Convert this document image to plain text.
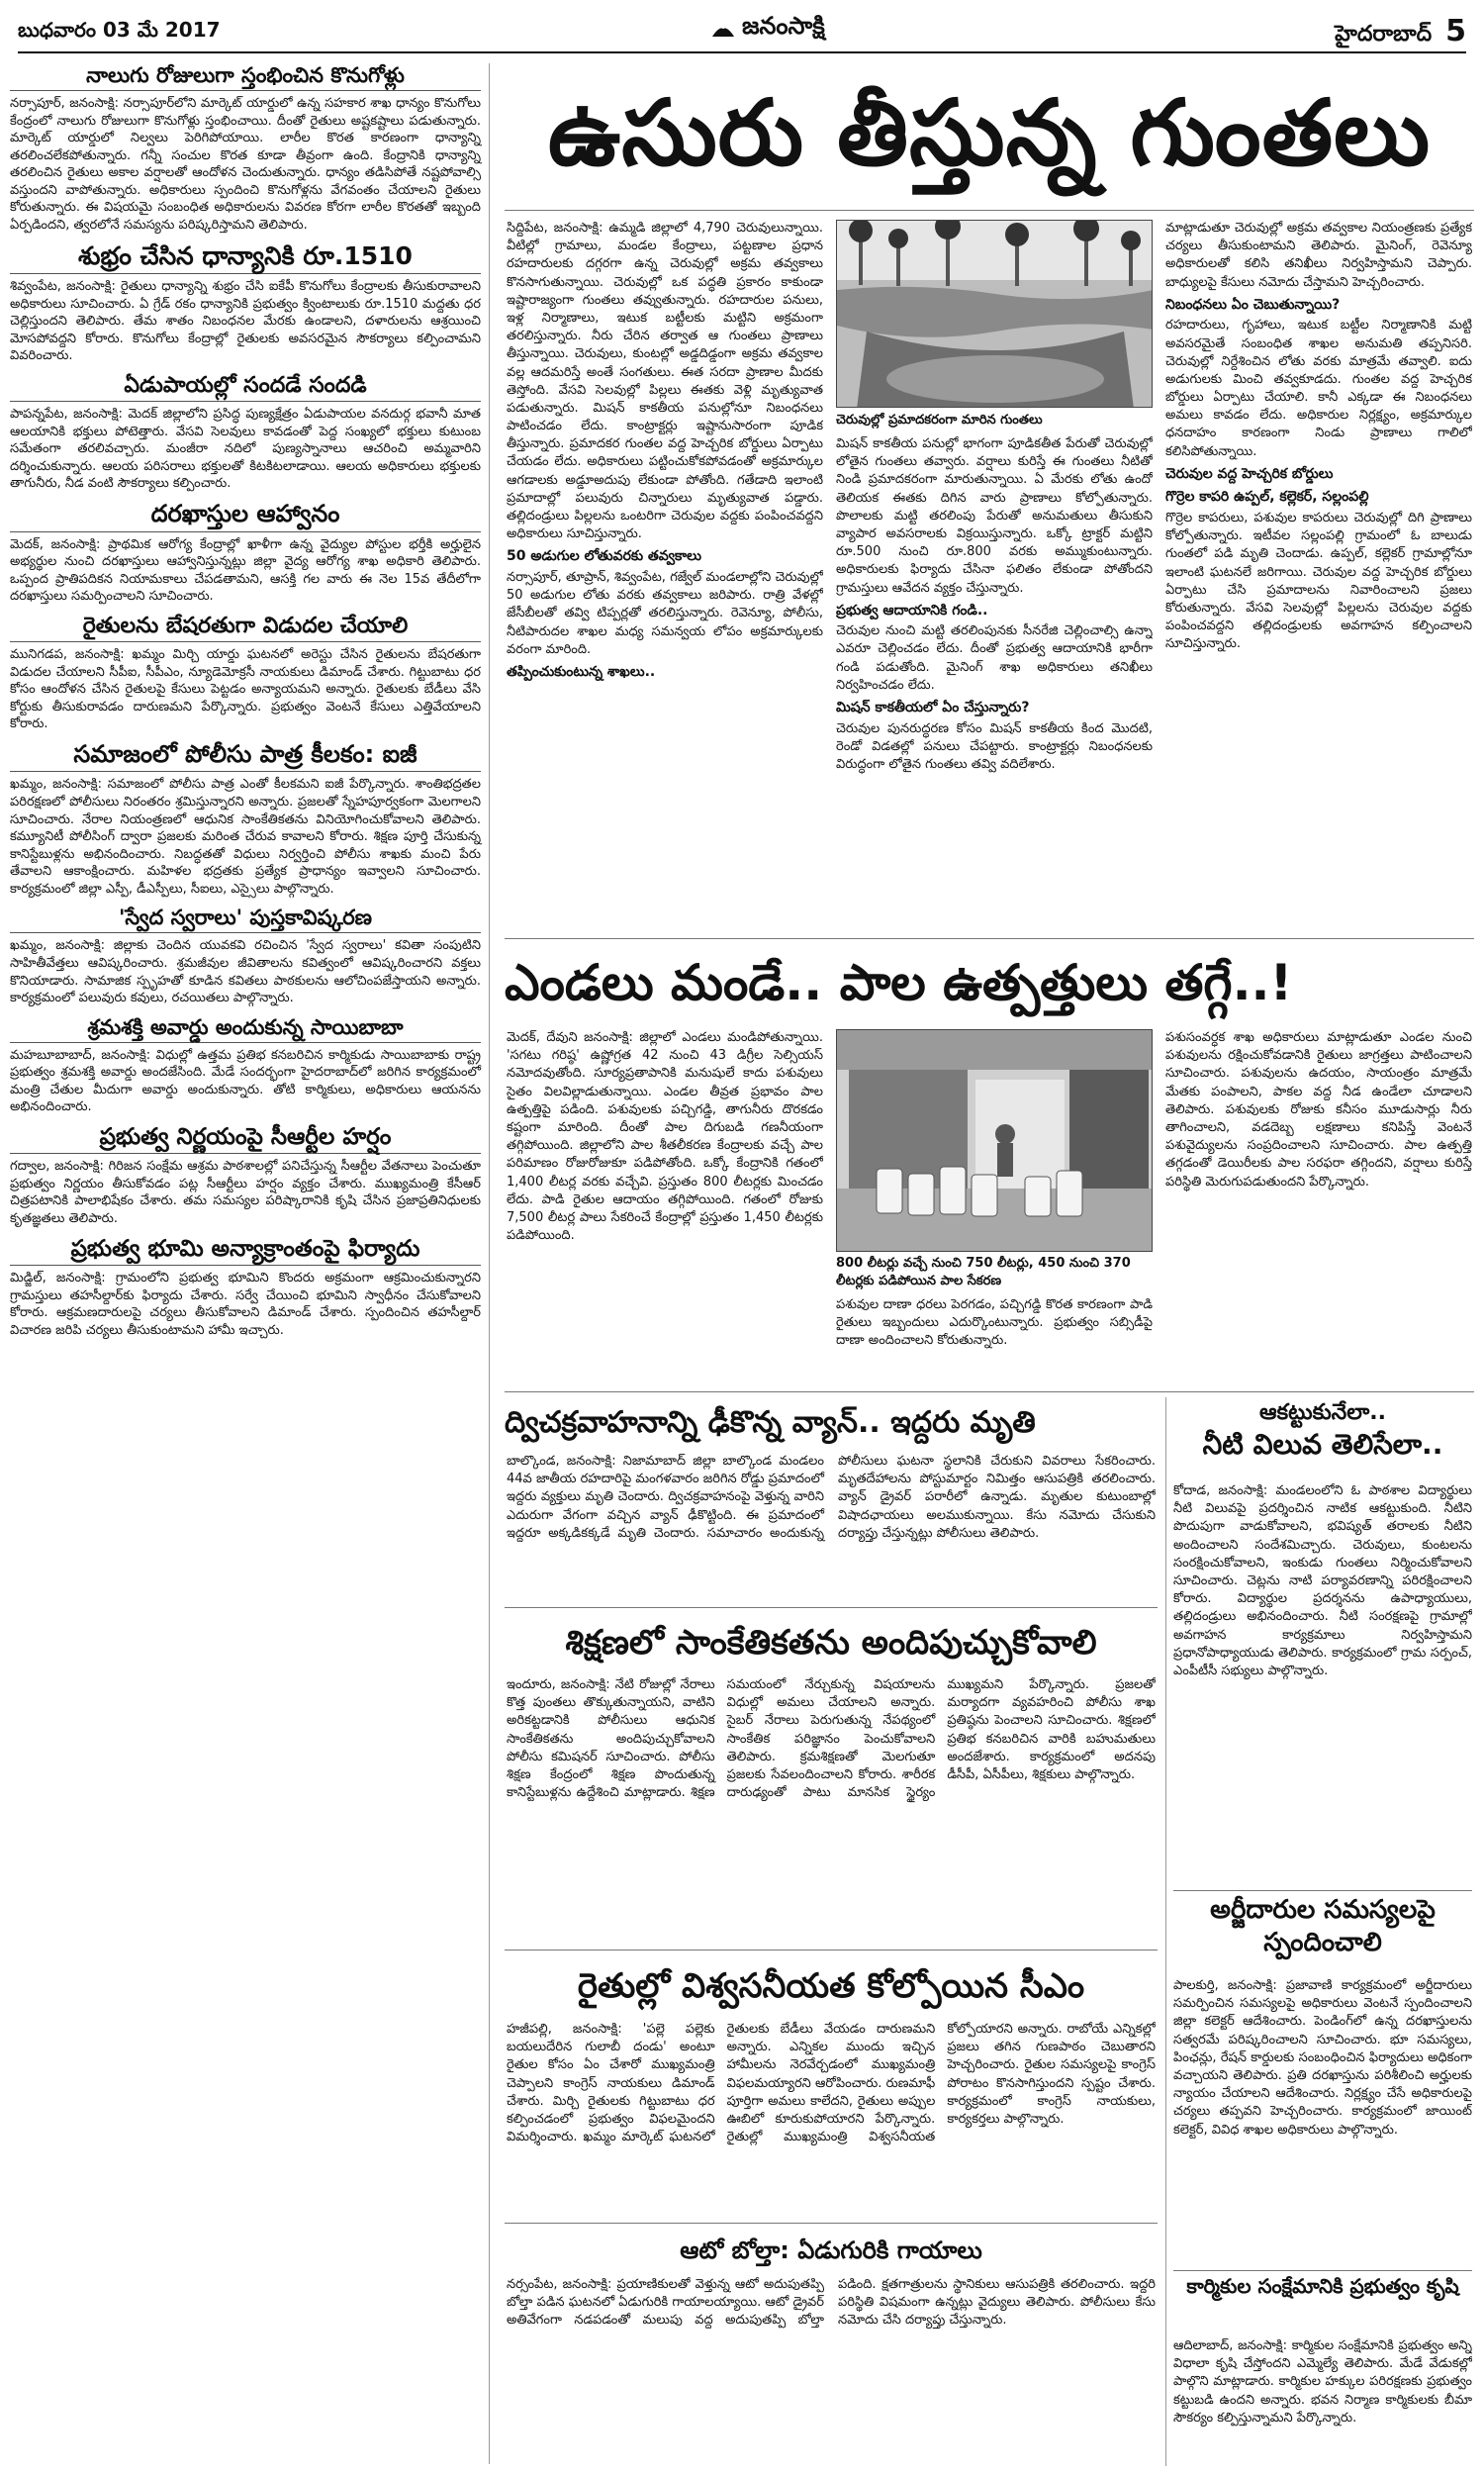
బుధవారం 03 మే 2017	జనంసాక్షి	హైదరాబాద్ 5
నాలుగు రోజులుగా స్తంభించిన కొనుగోళ్లు
నర్సాపూర్, జనంసాక్షి: నర్సాపూర్‌లోని మార్కెట్ యార్డులో ఉన్న సహకార శాఖ ధాన్యం కొనుగోలు కేంద్రంలో నాలుగు రోజులుగా కొనుగోళ్లు స్తంభించాయి. దీంతో రైతులు అష్టకష్టాలు పడుతున్నారు. మార్కెట్ యార్డులో నిల్వలు పెరిగిపోయాయి. లారీల కొరత కారణంగా ధాన్యాన్ని తరలించలేకపోతున్నారు. గన్నీ సంచుల కొరత కూడా తీవ్రంగా ఉంది. కేంద్రానికి ధాన్యాన్ని తరలించిన రైతులు అకాల వర్షాలతో ఆందోళన చెందుతున్నారు. ధాన్యం తడిసిపోతే నష్టపోవాల్సి వస్తుందని వాపోతున్నారు. అధికారులు స్పందించి కొనుగోళ్లను వేగవంతం చేయాలని రైతులు కోరుతున్నారు. ఈ విషయమై సంబంధిత అధికారులను వివరణ కోరగా లారీల కొరతతో ఇబ్బంది ఏర్పడిందని, త్వరలోనే సమస్యను పరిష్కరిస్తామని తెలిపారు.
శుభ్రం చేసిన ధాన్యానికి రూ.1510
శివ్వంపేట, జనంసాక్షి: రైతులు ధాన్యాన్ని శుభ్రం చేసి ఐకేపీ కొనుగోలు కేంద్రాలకు తీసుకురావాలని అధికారులు సూచించారు. ఏ గ్రేడ్ రకం ధాన్యానికి ప్రభుత్వం క్వింటాలుకు రూ.1510 మద్దతు ధర చెల్లిస్తుందని తెలిపారు. తేమ శాతం నిబంధనల మేరకు ఉండాలని, దళారులను ఆశ్రయించి మోసపోవద్దని కోరారు. కొనుగోలు కేంద్రాల్లో రైతులకు అవసరమైన సౌకర్యాలు కల్పించామని వివరించారు.
ఏడుపాయల్లో సందడే సందడి
పాపన్నపేట, జనంసాక్షి: మెదక్ జిల్లాలోని ప్రసిద్ధ పుణ్యక్షేత్రం ఏడుపాయల వనదుర్గ భవానీ మాత ఆలయానికి భక్తులు పోటెత్తారు. వేసవి సెలవులు కావడంతో పెద్ద సంఖ్యలో భక్తులు కుటుంబ సమేతంగా తరలివచ్చారు. మంజీరా నదిలో పుణ్యస్నానాలు ఆచరించి అమ్మవారిని దర్శించుకున్నారు. ఆలయ పరిసరాలు భక్తులతో కిటకిటలాడాయి. ఆలయ అధికారులు భక్తులకు తాగునీరు, నీడ వంటి సౌకర్యాలు కల్పించారు.
దరఖాస్తుల ఆహ్వానం
మెదక్, జనంసాక్షి: ప్రాథమిక ఆరోగ్య కేంద్రాల్లో ఖాళీగా ఉన్న వైద్యుల పోస్టుల భర్తీకి అర్హులైన అభ్యర్థుల నుంచి దరఖాస్తులు ఆహ్వానిస్తున్నట్లు జిల్లా వైద్య ఆరోగ్య శాఖ అధికారి తెలిపారు. ఒప్పంద ప్రాతిపదికన నియామకాలు చేపడతామని, ఆసక్తి గల వారు ఈ నెల 15వ తేదీలోగా దరఖాస్తులు సమర్పించాలని సూచించారు.
రైతులను బేషరతుగా విడుదల చేయాలి
మునిగడప, జనంసాక్షి: ఖమ్మం మిర్చి యార్డు ఘటనలో అరెస్టు చేసిన రైతులను బేషరతుగా విడుదల చేయాలని సీపీఐ, సీపీఎం, న్యూడెమోక్రసీ నాయకులు డిమాండ్ చేశారు. గిట్టుబాటు ధర కోసం ఆందోళన చేసిన రైతులపై కేసులు పెట్టడం అన్యాయమని అన్నారు. రైతులకు బేడీలు వేసి కోర్టుకు తీసుకురావడం దారుణమని పేర్కొన్నారు. ప్రభుత్వం వెంటనే కేసులు ఎత్తివేయాలని కోరారు.
సమాజంలో పోలీసు పాత్ర కీలకం: ఐజీ
ఖమ్మం, జనంసాక్షి: సమాజంలో పోలీసు పాత్ర ఎంతో కీలకమని ఐజీ పేర్కొన్నారు. శాంతిభద్రతల పరిరక్షణలో పోలీసులు నిరంతరం శ్రమిస్తున్నారని అన్నారు. ప్రజలతో స్నేహపూర్వకంగా మెలగాలని సూచించారు. నేరాల నియంత్రణలో ఆధునిక సాంకేతికతను వినియోగించుకోవాలని తెలిపారు. కమ్యూనిటీ పోలీసింగ్ ద్వారా ప్రజలకు మరింత చేరువ కావాలని కోరారు. శిక్షణ పూర్తి చేసుకున్న కానిస్టేబుళ్లను అభినందించారు. నిబద్ధతతో విధులు నిర్వర్తించి పోలీసు శాఖకు మంచి పేరు తేవాలని ఆకాంక్షించారు. మహిళల భద్రతకు ప్రత్యేక ప్రాధాన్యం ఇవ్వాలని సూచించారు. కార్యక్రమంలో జిల్లా ఎస్పీ, డీఎస్పీలు, సీఐలు, ఎస్సైలు పాల్గొన్నారు.
'స్వేద స్వరాలు' పుస్తకావిష్కరణ
ఖమ్మం, జనంసాక్షి: జిల్లాకు చెందిన యువకవి రచించిన 'స్వేద స్వరాలు' కవితా సంపుటిని సాహితీవేత్తలు ఆవిష్కరించారు. శ్రమజీవుల జీవితాలను కవిత్వంలో ఆవిష్కరించారని వక్తలు కొనియాడారు. సామాజిక స్పృహతో కూడిన కవితలు పాఠకులను ఆలోచింపజేస్తాయని అన్నారు. కార్యక్రమంలో పలువురు కవులు, రచయితలు పాల్గొన్నారు.
శ్రమశక్తి అవార్డు అందుకున్న సాయిబాబా
మహబూబాబాద్, జనంసాక్షి: విధుల్లో ఉత్తమ ప్రతిభ కనబరిచిన కార్మికుడు సాయిబాబాకు రాష్ట్ర ప్రభుత్వం శ్రమశక్తి అవార్డు అందజేసింది. మేడే సందర్భంగా హైదరాబాద్‌లో జరిగిన కార్యక్రమంలో మంత్రి చేతుల మీదుగా అవార్డు అందుకున్నారు. తోటి కార్మికులు, అధికారులు ఆయనను అభినందించారు.
ప్రభుత్వ నిర్ణయంపై సీఆర్టీల హర్షం
గద్వాల, జనంసాక్షి: గిరిజన సంక్షేమ ఆశ్రమ పాఠశాలల్లో పనిచేస్తున్న సీఆర్టీల వేతనాలు పెంచుతూ ప్రభుత్వం నిర్ణయం తీసుకోవడం పట్ల సీఆర్టీలు హర్షం వ్యక్తం చేశారు. ముఖ్యమంత్రి కేసీఆర్ చిత్రపటానికి పాలాభిషేకం చేశారు. తమ సమస్యల పరిష్కారానికి కృషి చేసిన ప్రజాప్రతినిధులకు కృతజ్ఞతలు తెలిపారు.
ప్రభుత్వ భూమి అన్యాక్రాంతంపై ఫిర్యాదు
మిడ్జిల్, జనంసాక్షి: గ్రామంలోని ప్రభుత్వ భూమిని కొందరు అక్రమంగా ఆక్రమించుకున్నారని గ్రామస్తులు తహసీల్దార్‌కు ఫిర్యాదు చేశారు. సర్వే చేయించి భూమిని స్వాధీనం చేసుకోవాలని కోరారు. ఆక్రమణదారులపై చర్యలు తీసుకోవాలని డిమాండ్ చేశారు. స్పందించిన తహసీల్దార్ విచారణ జరిపి చర్యలు తీసుకుంటామని హామీ ఇచ్చారు.
ఉసురు తీస్తున్న గుంతలు
సిద్దిపేట, జనంసాక్షి: ఉమ్మడి జిల్లాలో 4,790 చెరువులున్నాయి. వీటిల్లో గ్రామాలు, మండల కేంద్రాలు, పట్టణాల ప్రధాన రహదారులకు దగ్గరగా ఉన్న చెరువుల్లో అక్రమ తవ్వకాలు కొనసాగుతున్నాయి. చెరువుల్లో ఒక పద్ధతి ప్రకారం కాకుండా ఇష్టారాజ్యంగా గుంతలు తవ్వుతున్నారు. రహదారుల పనులు, ఇళ్ల నిర్మాణాలు, ఇటుక బట్టీలకు మట్టిని అక్రమంగా తరలిస్తున్నారు. నీరు చేరిన తర్వాత ఆ గుంతలు ప్రాణాలు తీస్తున్నాయి. చెరువులు, కుంటల్లో అడ్డదిడ్డంగా అక్రమ తవ్వకాల వల్ల ఆదమరిస్తే అంతే సంగతులు. ఈత సరదా ప్రాణాల మీదకు తెస్తోంది. వేసవి సెలవుల్లో పిల్లలు ఈతకు వెళ్లి మృత్యువాత పడుతున్నారు. మిషన్ కాకతీయ పనుల్లోనూ నిబంధనలు పాటించడం లేదు. కాంట్రాక్టర్లు ఇష్టానుసారంగా పూడిక తీస్తున్నారు. ప్రమాదకర గుంతల వద్ద హెచ్చరిక బోర్డులు ఏర్పాటు చేయడం లేదు. అధికారులు పట్టించుకోకపోవడంతో అక్రమార్కుల ఆగడాలకు అడ్డూఅదుపు లేకుండా పోతోంది. గతేడాది ఇలాంటి ప్రమాదాల్లో పలువురు చిన్నారులు మృత్యువాత పడ్డారు. తల్లిదండ్రులు పిల్లలను ఒంటరిగా చెరువుల వద్దకు పంపించవద్దని అధికారులు సూచిస్తున్నారు.
50 అడుగుల లోతువరకు తవ్వకాలు
నర్సాపూర్, తూప్రాన్, శివ్వంపేట, గజ్వేల్ మండలాల్లోని చెరువుల్లో 50 అడుగుల లోతు వరకు తవ్వకాలు జరిపారు. రాత్రి వేళల్లో జేసీబీలతో తవ్వి టిప్పర్లతో తరలిస్తున్నారు. రెవెన్యూ, పోలీసు, నీటిపారుదల శాఖల మధ్య సమన్వయ లోపం అక్రమార్కులకు వరంగా మారింది.
తప్పించుకుంటున్న శాఖలు..
చెరువుల్లో ప్రమాదకరంగా మారిన గుంతలు
మిషన్ కాకతీయ పనుల్లో భాగంగా పూడికతీత పేరుతో చెరువుల్లో లోతైన గుంతలు తవ్వారు. వర్షాలు కురిస్తే ఈ గుంతలు నీటితో నిండి ప్రమాదకరంగా మారుతున్నాయి. ఏ మేరకు లోతు ఉందో తెలియక ఈతకు దిగిన వారు ప్రాణాలు కోల్పోతున్నారు. పొలాలకు మట్టి తరలింపు పేరుతో అనుమతులు తీసుకుని వ్యాపార అవసరాలకు విక్రయిస్తున్నారు. ఒక్కో ట్రాక్టర్ మట్టిని రూ.500 నుంచి రూ.800 వరకు అమ్ముకుంటున్నారు. అధికారులకు ఫిర్యాదు చేసినా ఫలితం లేకుండా పోతోందని గ్రామస్తులు ఆవేదన వ్యక్తం చేస్తున్నారు.
ప్రభుత్వ ఆదాయానికి గండి..
చెరువుల నుంచి మట్టి తరలింపునకు సీనరేజి చెల్లించాల్సి ఉన్నా ఎవరూ చెల్లించడం లేదు. దీంతో ప్రభుత్వ ఆదాయానికి భారీగా గండి పడుతోంది. మైనింగ్ శాఖ అధికారులు తనిఖీలు నిర్వహించడం లేదు.
మిషన్ కాకతీయలో ఏం చేస్తున్నారు?
చెరువుల పునరుద్ధరణ కోసం మిషన్ కాకతీయ కింద మొదటి, రెండో విడతల్లో పనులు చేపట్టారు. కాంట్రాక్టర్లు నిబంధనలకు విరుద్ధంగా లోతైన గుంతలు తవ్వి వదిలేశారు.
మాట్లాడుతూ చెరువుల్లో అక్రమ తవ్వకాల నియంత్రణకు ప్రత్యేక చర్యలు తీసుకుంటామని తెలిపారు. మైనింగ్, రెవెన్యూ అధికారులతో కలిసి తనిఖీలు నిర్వహిస్తామని చెప్పారు. బాధ్యులపై కేసులు నమోదు చేస్తామని హెచ్చరించారు.
నిబంధనలు ఏం చెబుతున్నాయి?
రహదారులు, గృహాలు, ఇటుక బట్టీల నిర్మాణానికి మట్టి అవసరమైతే సంబంధిత శాఖల అనుమతి తప్పనిసరి. చెరువుల్లో నిర్దేశించిన లోతు వరకు మాత్రమే తవ్వాలి. ఐదు అడుగులకు మించి తవ్వకూడదు. గుంతల వద్ద హెచ్చరిక బోర్డులు ఏర్పాటు చేయాలి. కానీ ఎక్కడా ఈ నిబంధనలు అమలు కావడం లేదు. అధికారుల నిర్లక్ష్యం, అక్రమార్కుల ధనదాహం కారణంగా నిండు ప్రాణాలు గాలిలో కలిసిపోతున్నాయి.
చెరువుల వద్ద హెచ్చరిక బోర్డులు
గొర్రెల కాపరి ఉప్పల్, కల్లెకర్, సల్లంపల్లి
గొర్రెల కాపరులు, పశువుల కాపరులు చెరువుల్లో దిగి ప్రాణాలు కోల్పోతున్నారు. ఇటీవల సల్లంపల్లి గ్రామంలో ఓ బాలుడు గుంతలో పడి మృతి చెందాడు. ఉప్పల్, కల్లెకర్ గ్రామాల్లోనూ ఇలాంటి ఘటనలే జరిగాయి. చెరువుల వద్ద హెచ్చరిక బోర్డులు ఏర్పాటు చేసి ప్రమాదాలను నివారించాలని ప్రజలు కోరుతున్నారు. వేసవి సెలవుల్లో పిల్లలను చెరువుల వద్దకు పంపించవద్దని తల్లిదండ్రులకు అవగాహన కల్పించాలని సూచిస్తున్నారు.
ఎండలు మండే.. పాల ఉత్పత్తులు తగ్గే..!
800 లీటర్లు వచ్చే నుంచి 750 లీటర్లు, 450 నుంచి 370 లీటర్లకు పడిపోయిన పాల సేకరణ
మెదక్, దేవుని జనంసాక్షి: జిల్లాలో ఎండలు మండిపోతున్నాయి. 'సగటు గరిష్ఠ' ఉష్ణోగ్రత 42 నుంచి 43 డిగ్రీల సెల్సియస్ నమోదవుతోంది. సూర్యప్రతాపానికి మనుషులే కాదు పశువులు సైతం విలవిల్లాడుతున్నాయి. ఎండల తీవ్రత ప్రభావం పాల ఉత్పత్తిపై పడింది. పశువులకు పచ్చిగడ్డి, తాగునీరు దొరకడం కష్టంగా మారింది. దీంతో పాల దిగుబడి గణనీయంగా తగ్గిపోయింది. జిల్లాలోని పాల శీతలీకరణ కేంద్రాలకు వచ్చే పాల పరిమాణం రోజురోజుకూ పడిపోతోంది. ఒక్కో కేంద్రానికి గతంలో 1,400 లీటర్ల వరకు వచ్చేవి. ప్రస్తుతం 800 లీటర్లకు మించడం లేదు. పాడి రైతుల ఆదాయం తగ్గిపోయింది. గతంలో రోజుకు 7,500 లీటర్ల పాలు సేకరించే కేంద్రాల్లో ప్రస్తుతం 1,450 లీటర్లకు పడిపోయింది.
పశువుల దాణా ధరలు పెరగడం, పచ్చిగడ్డి కొరత కారణంగా పాడి రైతులు ఇబ్బందులు ఎదుర్కొంటున్నారు. ప్రభుత్వం సబ్సిడీపై దాణా అందించాలని కోరుతున్నారు.
పశుసంవర్ధక శాఖ అధికారులు మాట్లాడుతూ ఎండల నుంచి పశువులను రక్షించుకోవడానికి రైతులు జాగ్రత్తలు పాటించాలని సూచించారు. పశువులను ఉదయం, సాయంత్రం మాత్రమే మేతకు పంపాలని, పాకల వద్ద నీడ ఉండేలా చూడాలని తెలిపారు. పశువులకు రోజుకు కనీసం మూడుసార్లు నీరు తాగించాలని, వడదెబ్బ లక్షణాలు కనిపిస్తే వెంటనే పశువైద్యులను సంప్రదించాలని సూచించారు. పాల ఉత్పత్తి తగ్గడంతో డెయిరీలకు పాల సరఫరా తగ్గిందని, వర్షాలు కురిస్తే పరిస్థితి మెరుగుపడుతుందని పేర్కొన్నారు.
ద్విచక్రవాహనాన్ని ఢీకొన్న వ్యాన్.. ఇద్దరు మృతి
బాల్కొండ, జనంసాక్షి: నిజామాబాద్ జిల్లా బాల్కొండ మండలం 44వ జాతీయ రహదారిపై మంగళవారం జరిగిన రోడ్డు ప్రమాదంలో ఇద్దరు వ్యక్తులు మృతి చెందారు. ద్విచక్రవాహనంపై వెళ్తున్న వారిని ఎదురుగా వేగంగా వచ్చిన వ్యాన్ ఢీకొట్టింది. ఈ ప్రమాదంలో ఇద్దరూ అక్కడికక్కడే మృతి చెందారు. సమాచారం అందుకున్న పోలీసులు ఘటనా స్థలానికి చేరుకుని వివరాలు సేకరించారు. మృతదేహాలను పోస్టుమార్టం నిమిత్తం ఆసుపత్రికి తరలించారు. వ్యాన్ డ్రైవర్ పరారీలో ఉన్నాడు. మృతుల కుటుంబాల్లో విషాదఛాయలు అలముకున్నాయి. కేసు నమోదు చేసుకుని దర్యాప్తు చేస్తున్నట్లు పోలీసులు తెలిపారు.
శిక్షణలో సాంకేతికతను అందిపుచ్చుకోవాలి
ఇందూరు, జనంసాక్షి: నేటి రోజుల్లో నేరాలు కొత్త పుంతలు తొక్కుతున్నాయని, వాటిని అరికట్టడానికి పోలీసులు ఆధునిక సాంకేతికతను అందిపుచ్చుకోవాలని పోలీసు కమిషనర్ సూచించారు. పోలీసు శిక్షణ కేంద్రంలో శిక్షణ పొందుతున్న కానిస్టేబుళ్లను ఉద్దేశించి మాట్లాడారు. శిక్షణ సమయంలో నేర్చుకున్న విషయాలను విధుల్లో అమలు చేయాలని అన్నారు. సైబర్ నేరాలు పెరుగుతున్న నేపథ్యంలో సాంకేతిక పరిజ్ఞానం పెంచుకోవాలని తెలిపారు. క్రమశిక్షణతో మెలగుతూ ప్రజలకు సేవలందించాలని కోరారు. శారీరక దారుఢ్యంతో పాటు మానసిక స్థైర్యం ముఖ్యమని పేర్కొన్నారు. ప్రజలతో మర్యాదగా వ్యవహరించి పోలీసు శాఖ ప్రతిష్ఠను పెంచాలని సూచించారు. శిక్షణలో ప్రతిభ కనబరిచిన వారికి బహుమతులు అందజేశారు. కార్యక్రమంలో అదనపు డీసీపీ, ఏసీపీలు, శిక్షకులు పాల్గొన్నారు.
రైతుల్లో విశ్వసనీయత కోల్పోయిన సీఎం
హజీపల్లి, జనంసాక్షి: 'పల్లె పల్లెకు బయలుదేరిన గులాబీ దండు' అంటూ రైతుల కోసం ఏం చేశారో ముఖ్యమంత్రి చెప్పాలని కాంగ్రెస్ నాయకులు డిమాండ్ చేశారు. మిర్చి రైతులకు గిట్టుబాటు ధర కల్పించడంలో ప్రభుత్వం విఫలమైందని విమర్శించారు. ఖమ్మం మార్కెట్ ఘటనలో రైతులకు బేడీలు వేయడం దారుణమని అన్నారు. ఎన్నికల ముందు ఇచ్చిన హామీలను నెరవేర్చడంలో ముఖ్యమంత్రి విఫలమయ్యారని ఆరోపించారు. రుణమాఫీ పూర్తిగా అమలు కాలేదని, రైతులు అప్పుల ఊబిలో కూరుకుపోయారని పేర్కొన్నారు. రైతుల్లో ముఖ్యమంత్రి విశ్వసనీయత కోల్పోయారని అన్నారు. రాబోయే ఎన్నికల్లో ప్రజలు తగిన గుణపాఠం చెబుతారని హెచ్చరించారు. రైతుల సమస్యలపై కాంగ్రెస్ పోరాటం కొనసాగిస్తుందని స్పష్టం చేశారు. కార్యక్రమంలో కాంగ్రెస్ నాయకులు, కార్యకర్తలు పాల్గొన్నారు.
ఆటో బోల్తా: ఏడుగురికి గాయాలు
నర్సంపేట, జనంసాక్షి: ప్రయాణికులతో వెళ్తున్న ఆటో అదుపుతప్పి బోల్తా పడిన ఘటనలో ఏడుగురికి గాయాలయ్యాయి. ఆటో డ్రైవర్ అతివేగంగా నడపడంతో మలుపు వద్ద అదుపుతప్పి బోల్తా పడింది. క్షతగాత్రులను స్థానికులు ఆసుపత్రికి తరలించారు. ఇద్దరి పరిస్థితి విషమంగా ఉన్నట్లు వైద్యులు తెలిపారు. పోలీసులు కేసు నమోదు చేసి దర్యాప్తు చేస్తున్నారు.
ఆకట్టుకునేలా..
నీటి విలువ తెలిసేలా..
కోదాడ, జనంసాక్షి: మండలంలోని ఓ పాఠశాల విద్యార్థులు నీటి విలువపై ప్రదర్శించిన నాటిక ఆకట్టుకుంది. నీటిని పొదుపుగా వాడుకోవాలని, భవిష్యత్ తరాలకు నీటిని అందించాలని సందేశమిచ్చారు. చెరువులు, కుంటలను సంరక్షించుకోవాలని, ఇంకుడు గుంతలు నిర్మించుకోవాలని సూచించారు. చెట్లను నాటి పర్యావరణాన్ని పరిరక్షించాలని కోరారు. విద్యార్థుల ప్రదర్శనను ఉపాధ్యాయులు, తల్లిదండ్రులు అభినందించారు. నీటి సంరక్షణపై గ్రామాల్లో అవగాహన కార్యక్రమాలు నిర్వహిస్తామని ప్రధానోపాధ్యాయుడు తెలిపారు. కార్యక్రమంలో గ్రామ సర్పంచ్, ఎంపీటీసీ సభ్యులు పాల్గొన్నారు.
అర్జీదారుల సమస్యలపై
స్పందించాలి
పాలకుర్తి, జనంసాక్షి: ప్రజావాణి కార్యక్రమంలో అర్జీదారులు సమర్పించిన సమస్యలపై అధికారులు వెంటనే స్పందించాలని జిల్లా కలెక్టర్ ఆదేశించారు. పెండింగ్‌లో ఉన్న దరఖాస్తులను సత్వరమే పరిష్కరించాలని సూచించారు. భూ సమస్యలు, పింఛన్లు, రేషన్ కార్డులకు సంబంధించిన ఫిర్యాదులు అధికంగా వచ్చాయని తెలిపారు. ప్రతి దరఖాస్తును పరిశీలించి అర్హులకు న్యాయం చేయాలని ఆదేశించారు. నిర్లక్ష్యం చేసే అధికారులపై చర్యలు తప్పవని హెచ్చరించారు. కార్యక్రమంలో జాయింట్ కలెక్టర్, వివిధ శాఖల అధికారులు పాల్గొన్నారు.
కార్మికుల సంక్షేమానికి ప్రభుత్వం కృషి
ఆదిలాబాద్, జనంసాక్షి: కార్మికుల సంక్షేమానికి ప్రభుత్వం అన్ని విధాలా కృషి చేస్తోందని ఎమ్మెల్యే తెలిపారు. మేడే వేడుకల్లో పాల్గొని మాట్లాడారు. కార్మికుల హక్కుల పరిరక్షణకు ప్రభుత్వం కట్టుబడి ఉందని అన్నారు. భవన నిర్మాణ కార్మికులకు బీమా సౌకర్యం కల్పిస్తున్నామని పేర్కొన్నారు.
